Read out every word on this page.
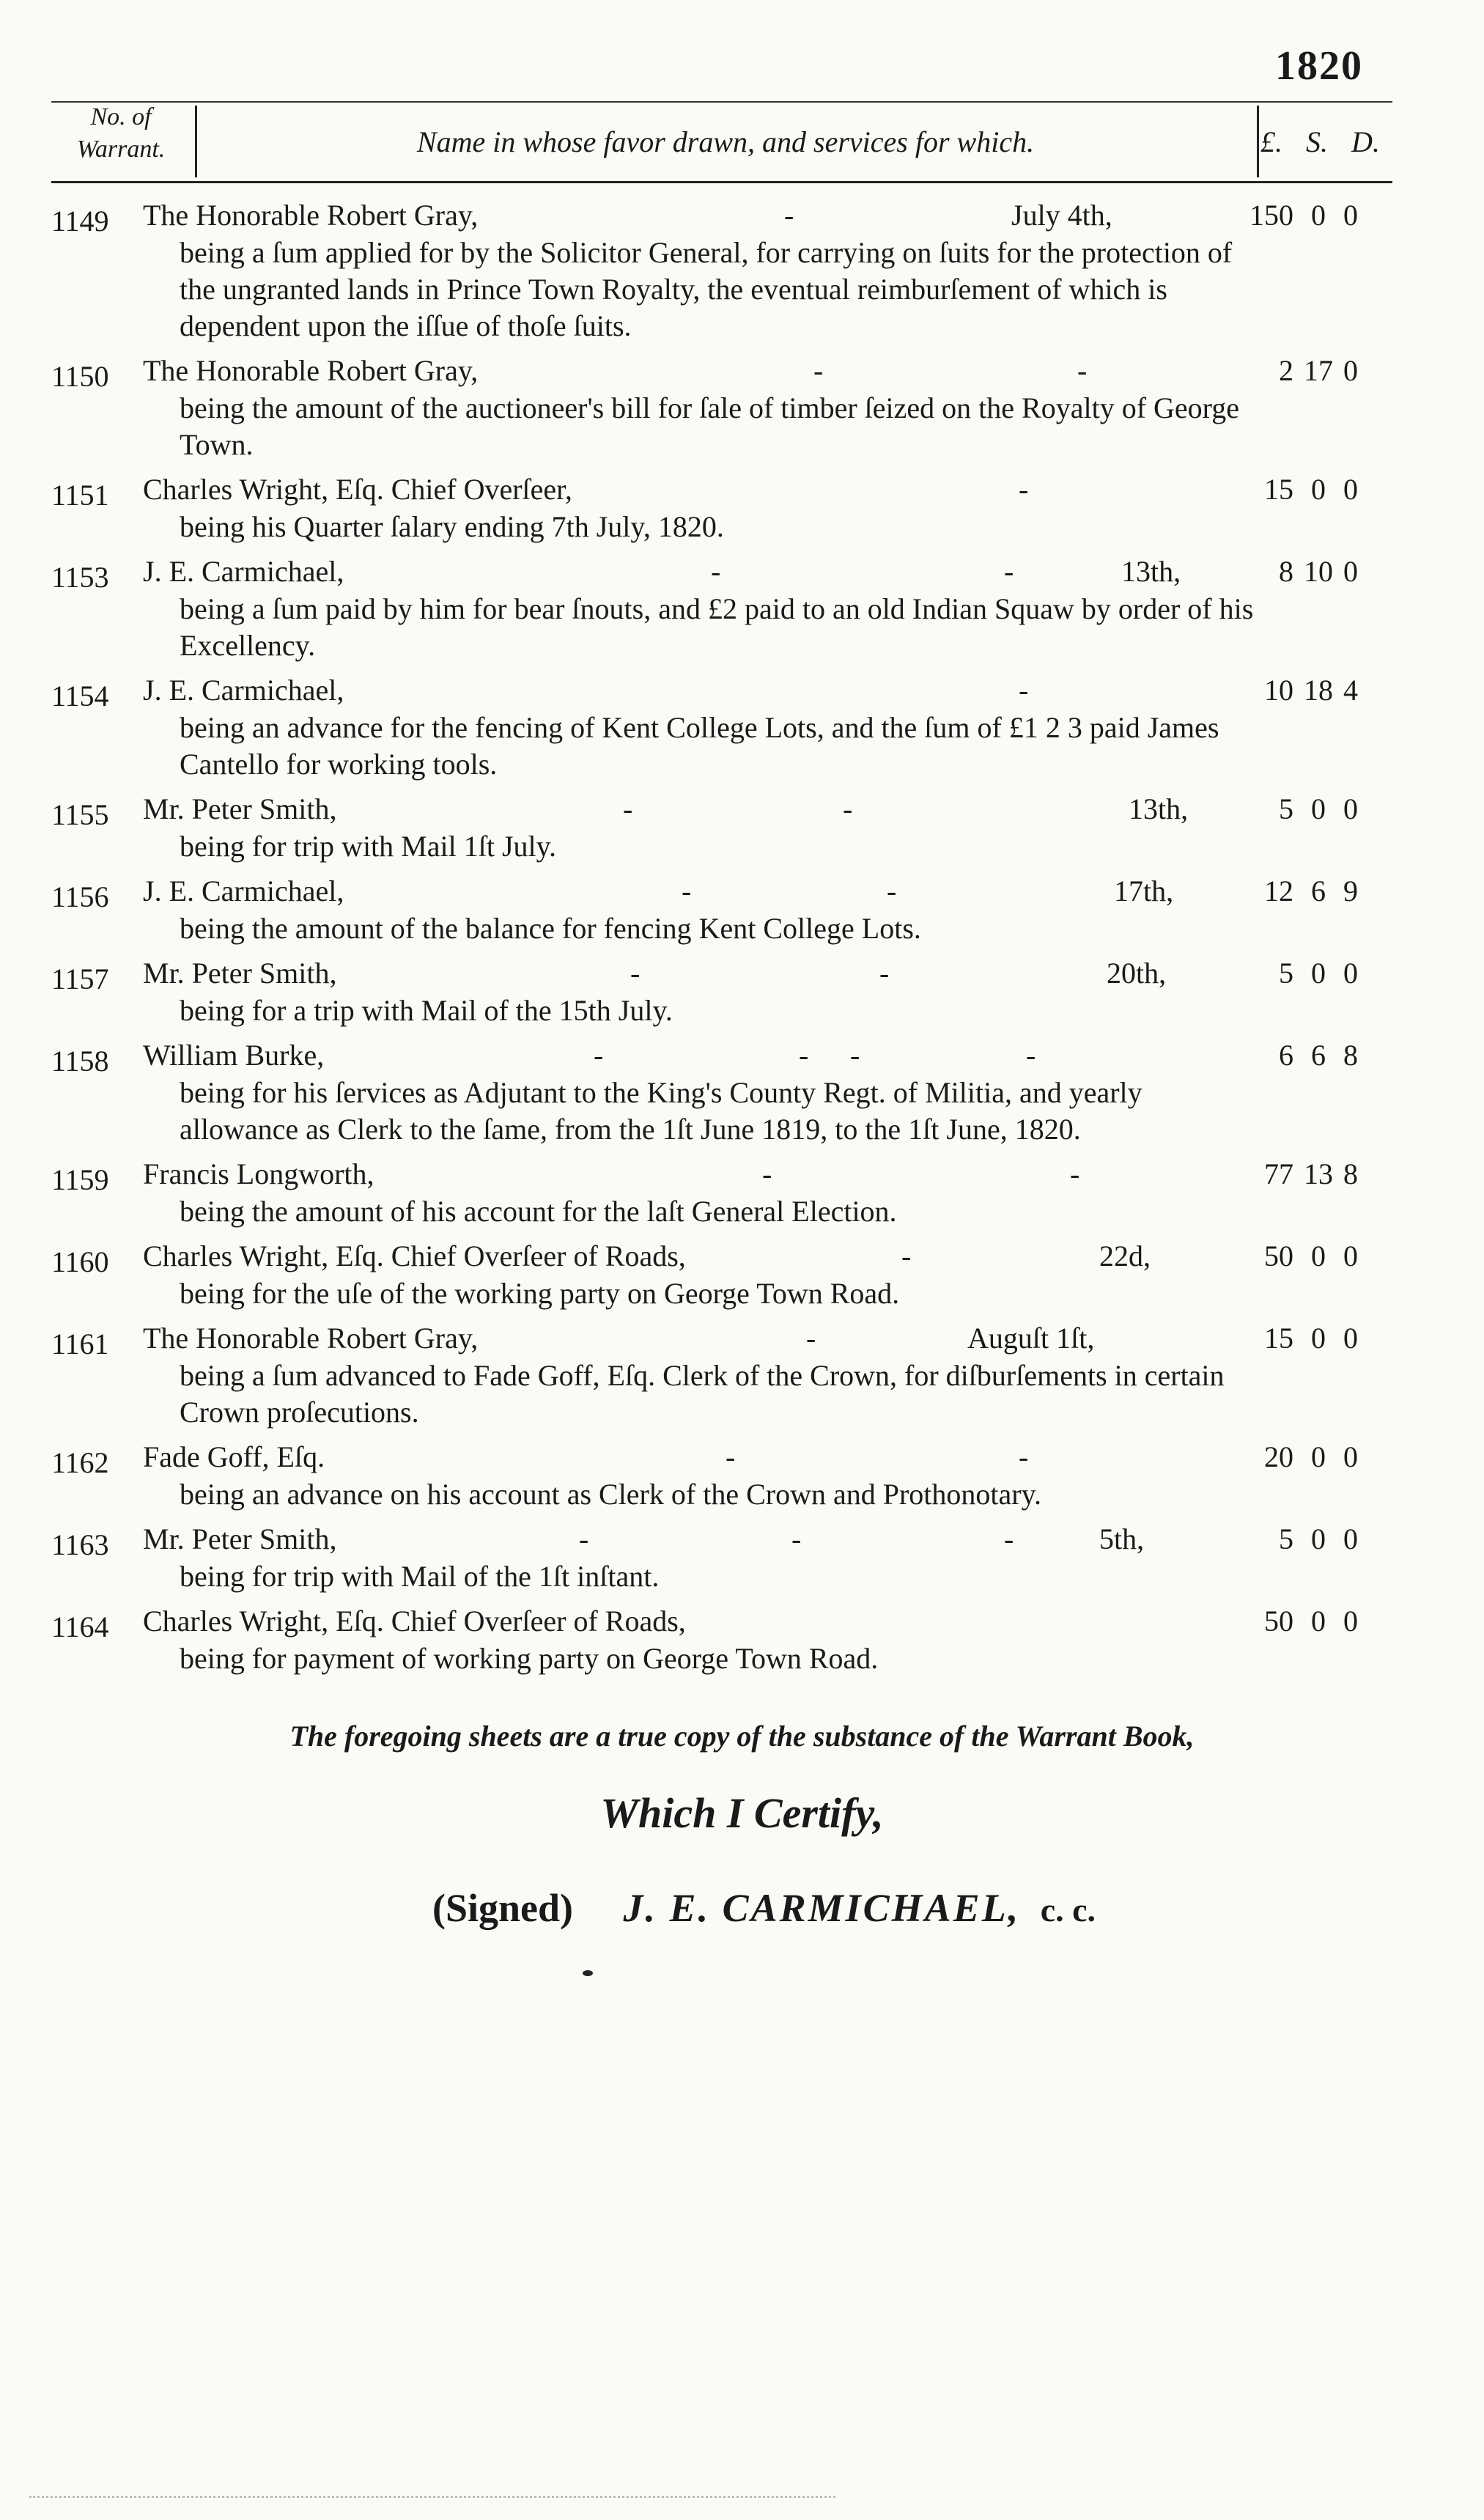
1820
No. of Warrant.	Name in whose favor drawn, and services for which.	£. S. D.
1149	The Honorable Robert Gray,	-	July 4th,	150 0 0
being a ſum applied for by the Solicitor General, for carrying on ſuits for the protection of the ungranted lands in Prince Town Royalty, the eventual reimburſement of which is dependent upon the iſſue of thoſe ſuits.
1150	The Honorable Robert Gray,	-	-	2 17 0
being the amount of the auctioneer's bill for ſale of timber ſeized on the Royalty of George Town.
1151	Charles Wright, Eſq. Chief Overſeer,	-	15 0 0
being his Quarter ſalary ending 7th July, 1820.
1153	J. E. Carmichael,	-	-	13th,	8 10 0
being a ſum paid by him for bear ſnouts, and £2 paid to an old Indian Squaw by order of his Excellency.
1154	J. E. Carmichael,	-	10 18 4
being an advance for the fencing of Kent College Lots, and the ſum of £1 2 3 paid James Cantello for working tools.
1155	Mr. Peter Smith,	-	-	13th,	5 0 0
being for trip with Mail 1ſt July.
1156	J. E. Carmichael,	-	-	17th,	12 6 9
being the amount of the balance for fencing Kent College Lots.
1157	Mr. Peter Smith,	-	-	20th,	5 0 0
being for a trip with Mail of the 15th July.
1158	William Burke,	-	- -	-	6 6 8
being for his ſervices as Adjutant to the King's County Regt. of Militia, and yearly allowance as Clerk to the ſame, from the 1ſt June 1819, to the 1ſt June, 1820.
1159	Francis Longworth,	-	-	77 13 8
being the amount of his account for the laſt General Election.
1160	Charles Wright, Eſq. Chief Overſeer of Roads,	-	22d,	50 0 0
being for the uſe of the working party on George Town Road.
1161	The Honorable Robert Gray,	-	Auguſt 1ſt,	15 0 0
being a ſum advanced to Fade Goff, Eſq. Clerk of the Crown, for diſburſements in certain Crown proſecutions.
1162	Fade Goff, Eſq.	-	-	20 0 0
being an advance on his account as Clerk of the Crown and Prothonotary.
1163	Mr. Peter Smith,	-	-	-	5th,	5 0 0
being for trip with Mail of the 1ſt inſtant.
1164	Charles Wright, Eſq. Chief Overſeer of Roads,	50 0 0
being for payment of working party on George Town Road.
The foregoing sheets are a true copy of the substance of the Warrant Book,
Which I Certify,
(Signed) J. E. CARMICHAEL, c. c.
